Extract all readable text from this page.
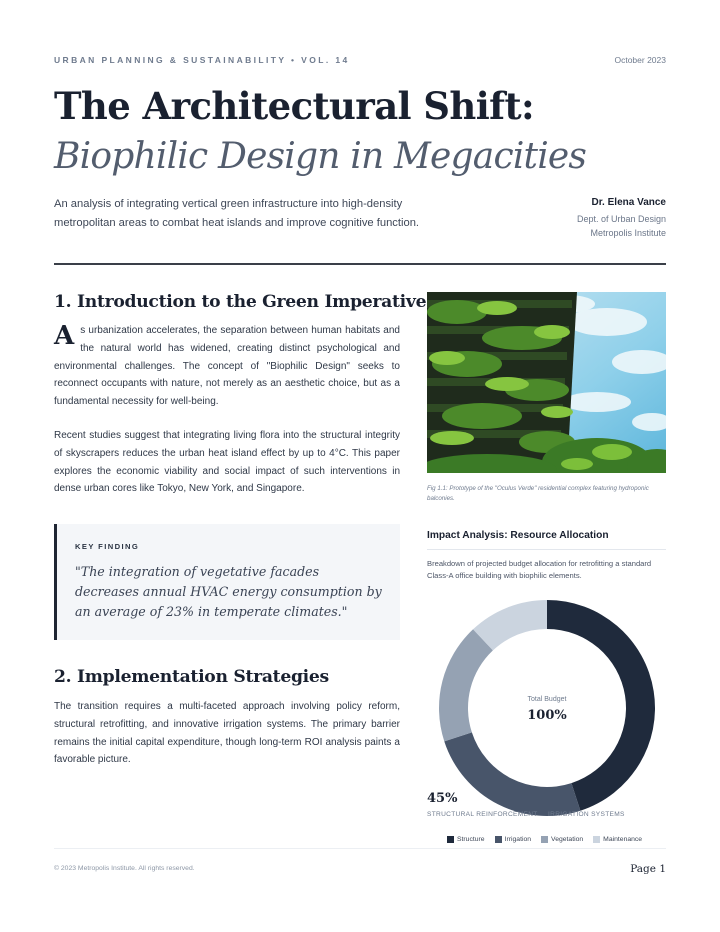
URBAN PLANNING & SUSTAINABILITY • VOL. 14	October 2023
The Architectural Shift:
Biophilic Design in Megacities

An analysis of integrating vertical green infrastructure into high-density metropolitan areas to combat heat islands and improve cognitive function.

Dr. Elena Vance
Dept. of Urban Design
Metropolis Institute
1. Introduction to the Green Imperative
As urbanization accelerates, the separation between human habitats and the natural world has widened, creating distinct psychological and environmental challenges. The concept of "Biophilic Design" seeks to reconnect occupants with nature, not merely as an aesthetic choice, but as a fundamental necessity for well-being.

Recent studies suggest that integrating living flora into the structural integrity of skyscrapers reduces the urban heat island effect by up to 4°C. This paper explores the economic viability and social impact of such interventions in dense urban cores like Tokyo, New York, and Singapore.

KEY FINDING
"The integration of vegetative facades decreases annual HVAC energy consumption by an average of 23% in temperate climates."
2. Implementation Strategies

The transition requires a multi-faceted approach involving policy reform, structural retrofitting, and innovative irrigation systems. The primary barrier remains the initial capital expenditure, though long-term ROI analysis paints a favorable picture.

Fig 1.1: Prototype of the "Oculus Verde" residential complex featuring hydroponic balconies.

Impact Analysis: Resource Allocation

Breakdown of projected budget allocation for retrofitting a standard Class-A office building with biophilic elements.

Total Budget
100%
45%
STRUCTURAL REINFORCEMENT IRRIGATION SYSTEMS
Structure	Irrigation	Vegetation	Maintenance
© 2023 Metropolis Institute. All rights reserved.	Page 1
